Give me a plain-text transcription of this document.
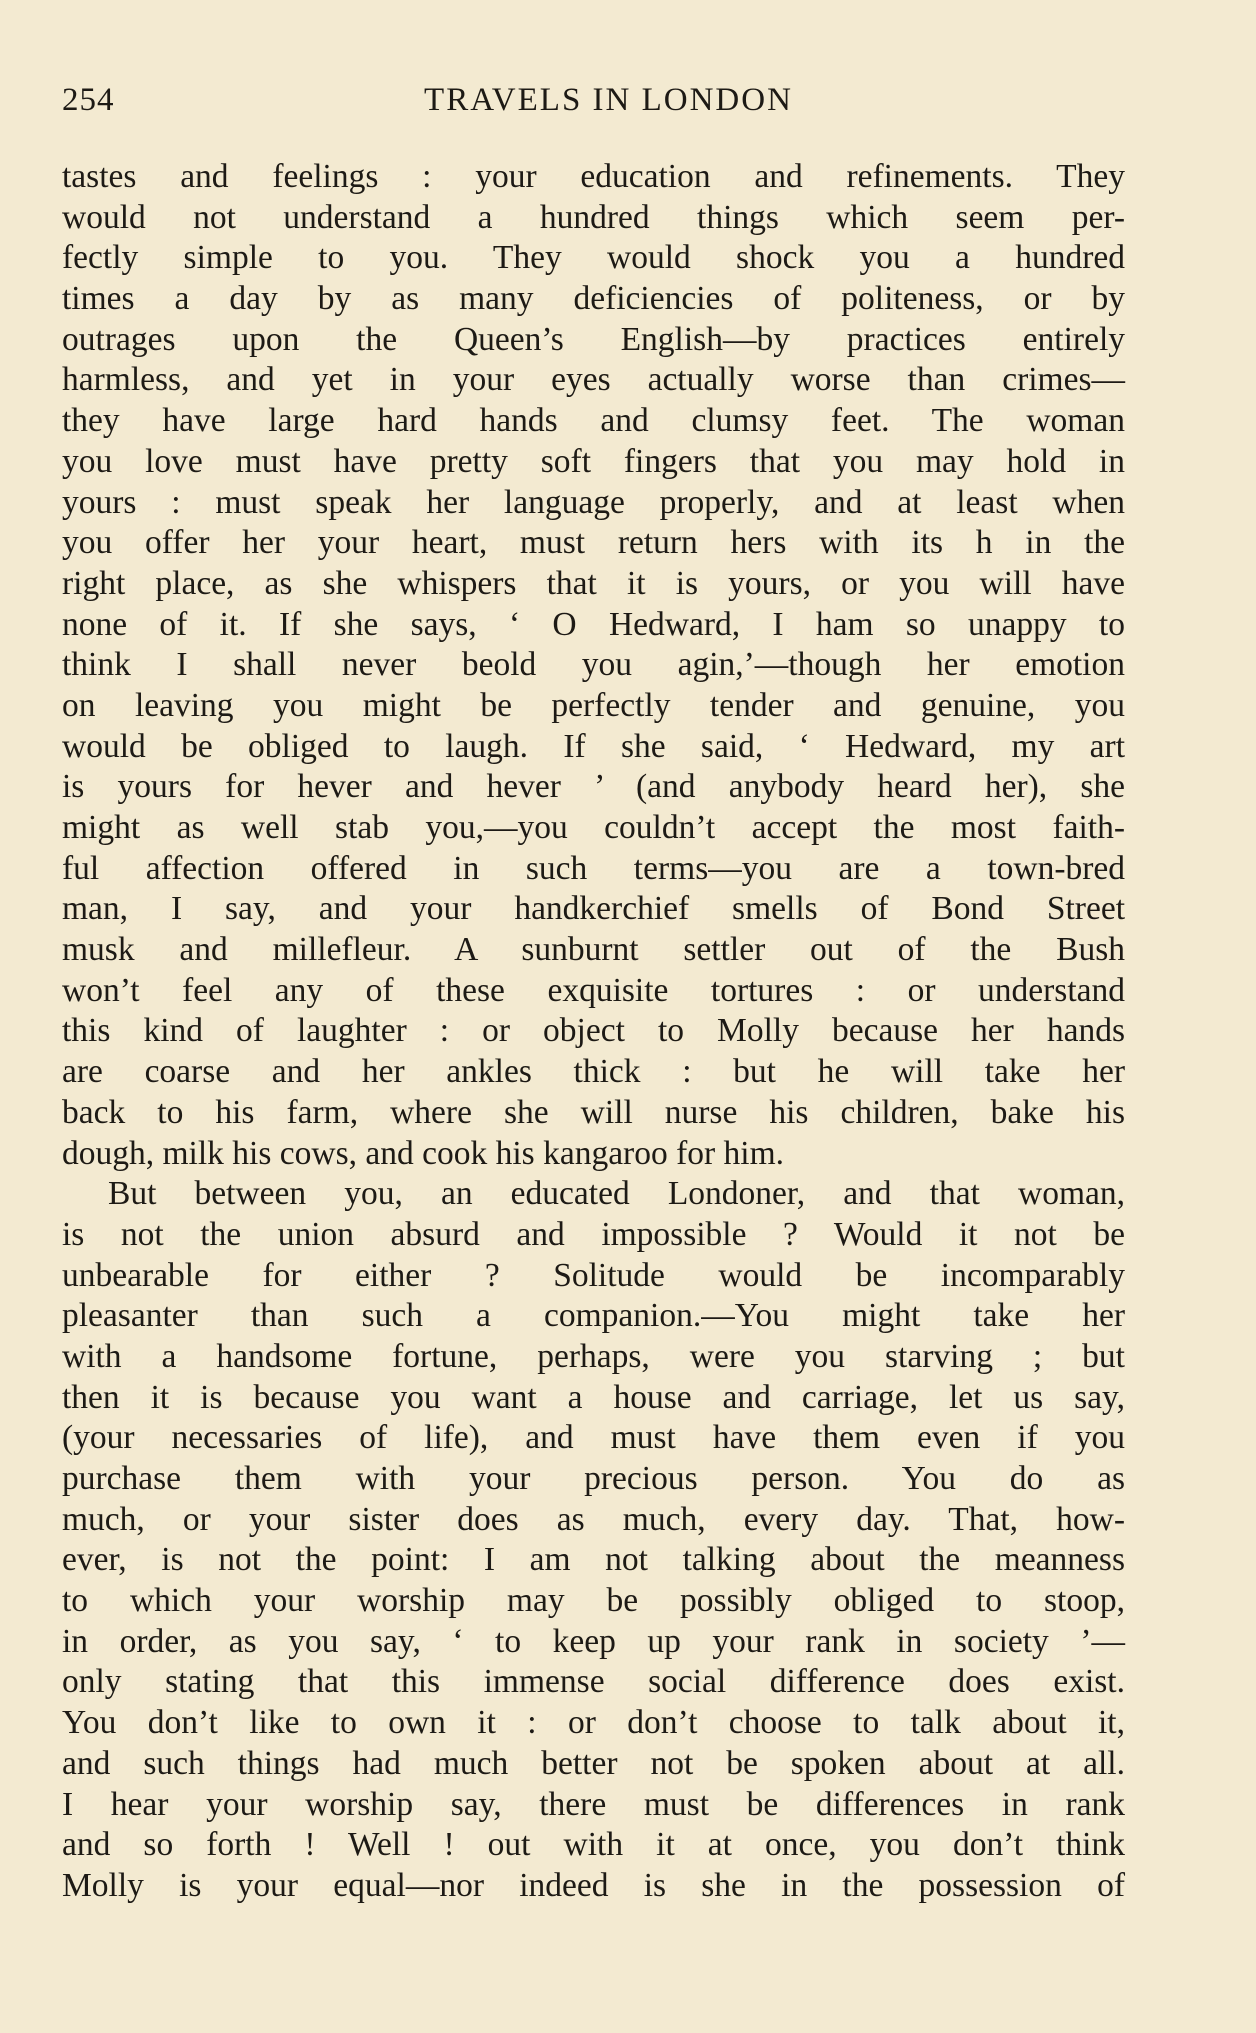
254	TRAVELS IN LONDON
tastes and feelings : your education and refinements. They
would not understand a hundred things which seem per-
fectly simple to you. They would shock you a hundred
times a day by as many deficiencies of politeness, or by
outrages upon the Queen’s English—by practices entirely
harmless, and yet in your eyes actually worse than crimes—
they have large hard hands and clumsy feet. The woman
you love must have pretty soft fingers that you may hold in
yours : must speak her language properly, and at least when
you offer her your heart, must return hers with its h in the
right place, as she whispers that it is yours, or you will have
none of it. If she says, ‘ O Hedward, I ham so unappy to
think I shall never beold you agin,’—though her emotion
on leaving you might be perfectly tender and genuine, you
would be obliged to laugh. If she said, ‘ Hedward, my art
is yours for hever and hever ’ (and anybody heard her), she
might as well stab you,—you couldn’t accept the most faith-
ful affection offered in such terms—you are a town-bred
man, I say, and your handkerchief smells of Bond Street
musk and millefleur. A sunburnt settler out of the Bush
won’t feel any of these exquisite tortures : or understand
this kind of laughter : or object to Molly because her hands
are coarse and her ankles thick : but he will take her
back to his farm, where she will nurse his children, bake his
dough, milk his cows, and cook his kangaroo for him.
But between you, an educated Londoner, and that woman,
is not the union absurd and impossible ? Would it not be
unbearable for either ? Solitude would be incomparably
pleasanter than such a companion.—You might take her
with a handsome fortune, perhaps, were you starving ; but
then it is because you want a house and carriage, let us say,
(your necessaries of life), and must have them even if you
purchase them with your precious person. You do as
much, or your sister does as much, every day. That, how-
ever, is not the point: I am not talking about the meanness
to which your worship may be possibly obliged to stoop,
in order, as you say, ‘ to keep up your rank in society ’—
only stating that this immense social difference does exist.
You don’t like to own it : or don’t choose to talk about it,
and such things had much better not be spoken about at all.
I hear your worship say, there must be differences in rank
and so forth ! Well ! out with it at once, you don’t think
Molly is your equal—nor indeed is she in the possession of
